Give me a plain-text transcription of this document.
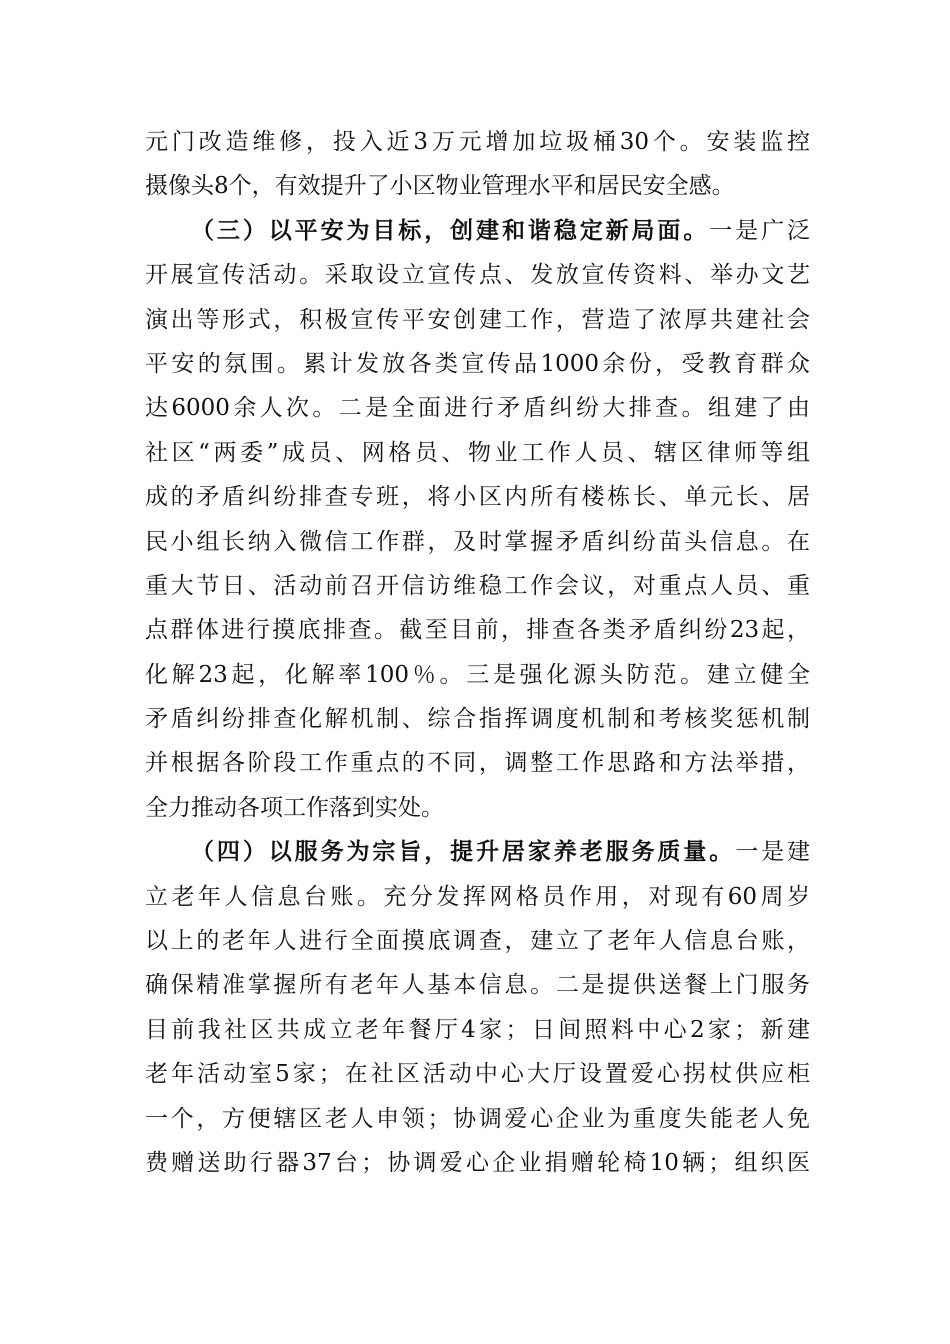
元门改造维修，投入近3万元增加垃圾桶30个。安装监控
摄像头8个，有效提升了小区物业管理水平和居民安全感。
（三）以平安为目标，创建和谐稳定新局面。一是广泛
开展宣传活动。采取设立宣传点、发放宣传资料、举办文艺
演出等形式，积极宣传平安创建工作，营造了浓厚共建社会
平安的氛围。累计发放各类宣传品1000余份，受教育群众
达6000余人次。二是全面进行矛盾纠纷大排查。组建了由
社区“两委”成员、网格员、物业工作人员、辖区律师等组
成的矛盾纠纷排查专班，将小区内所有楼栋长、单元长、居
民小组长纳入微信工作群，及时掌握矛盾纠纷苗头信息。在
重大节日、活动前召开信访维稳工作会议，对重点人员、重
点群体进行摸底排查。截至目前，排查各类矛盾纠纷23起，
化解23起，化解率100％。三是强化源头防范。建立健全
矛盾纠纷排查化解机制、综合指挥调度机制和考核奖惩机制
并根据各阶段工作重点的不同，调整工作思路和方法举措，
全力推动各项工作落到实处。
（四）以服务为宗旨，提升居家养老服务质量。一是建
立老年人信息台账。充分发挥网格员作用，对现有60周岁
以上的老年人进行全面摸底调查，建立了老年人信息台账，
确保精准掌握所有老年人基本信息。二是提供送餐上门服务
目前我社区共成立老年餐厅4家；日间照料中心2家；新建
老年活动室5家；在社区活动中心大厅设置爱心拐杖供应柜
一个，方便辖区老人申领；协调爱心企业为重度失能老人免
费赠送助行器37台；协调爱心企业捐赠轮椅10辆；组织医
